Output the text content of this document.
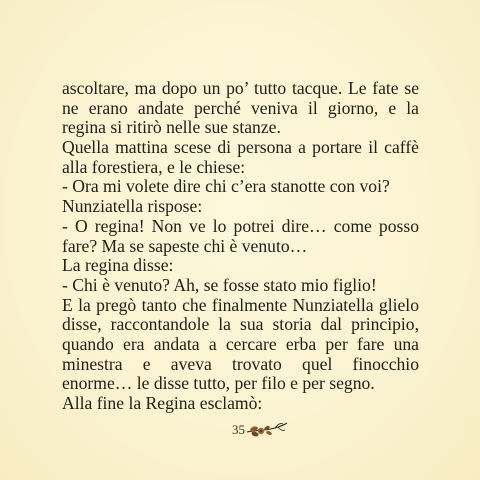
ascoltare, ma dopo un po’ tutto tacque. Le fate se
ne erano andate perché veniva il giorno, e la
regina si ritirò nelle sue stanze.
Quella mattina scese di persona a portare il caffè
alla forestiera, e le chiese:
- Ora mi volete dire chi c’era stanotte con voi?
Nunziatella rispose:
- O regina! Non ve lo potrei dire… come posso
fare? Ma se sapeste chi è venuto…
La regina disse:
- Chi è venuto? Ah, se fosse stato mio figlio!
E la pregò tanto che finalmente Nunziatella glielo
disse, raccontandole la sua storia dal principio,
quando era andata a cercare erba per fare una
minestra e aveva trovato quel finocchio
enorme… le disse tutto, per filo e per segno.
Alla fine la Regina esclamò:
35
